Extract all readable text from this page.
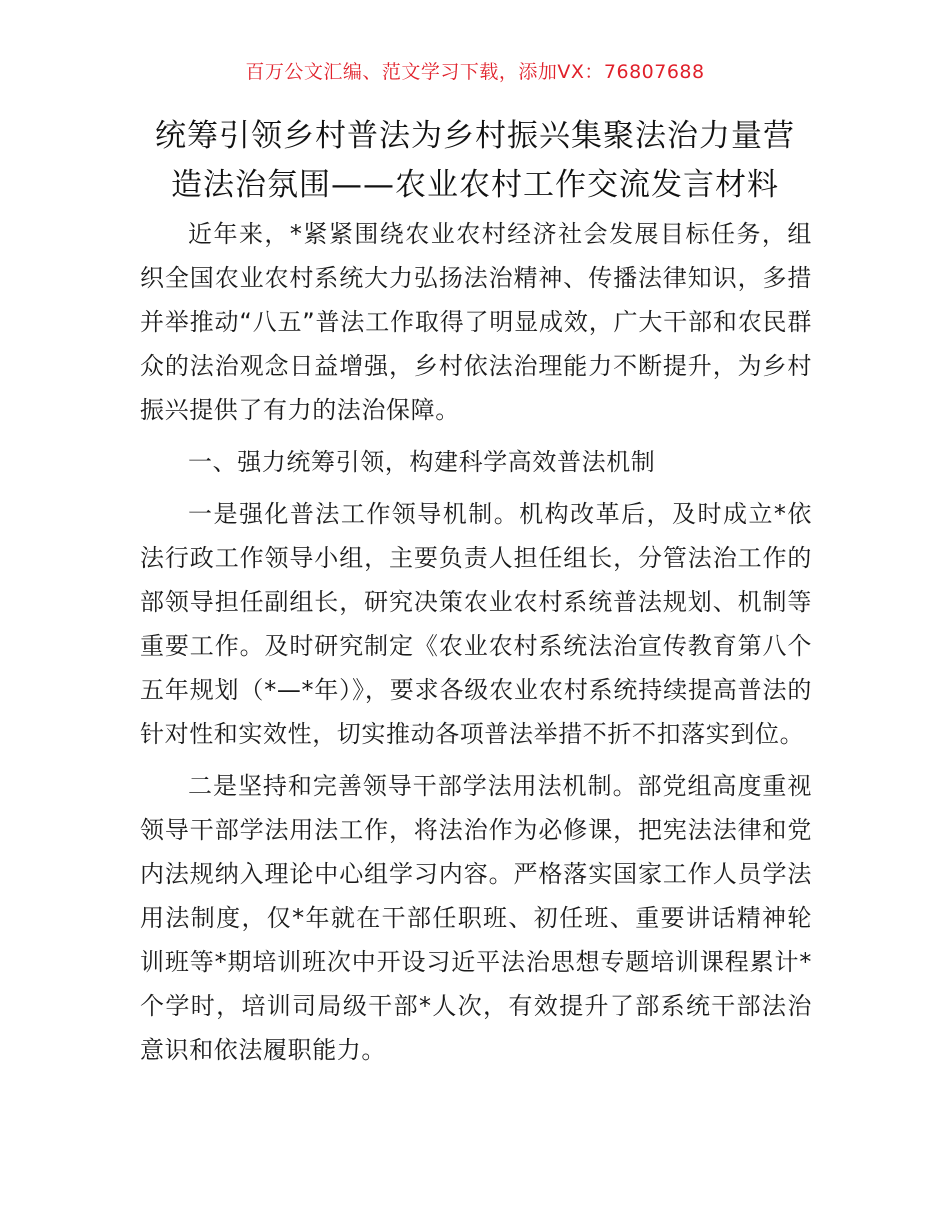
百万公文汇编、范文学习下载，添加VX：76807688
统筹引领乡村普法为乡村振兴集聚法治力量营造法治氛围——农业农村工作交流发言材料

近年来，*紧紧围绕农业农村经济社会发展目标任务，组织全国农业农村系统大力弘扬法治精神、传播法律知识，多措并举推动“八五”普法工作取得了明显成效，广大干部和农民群众的法治观念日益增强，乡村依法治理能力不断提升，为乡村振兴提供了有力的法治保障。

一、强力统筹引领，构建科学高效普法机制

一是强化普法工作领导机制。机构改革后，及时成立*依法行政工作领导小组，主要负责人担任组长，分管法治工作的部领导担任副组长，研究决策农业农村系统普法规划、机制等重要工作。及时研究制定《农业农村系统法治宣传教育第八个五年规划（*—*年）》，要求各级农业农村系统持续提高普法的针对性和实效性，切实推动各项普法举措不折不扣落实到位。

二是坚持和完善领导干部学法用法机制。部党组高度重视领导干部学法用法工作，将法治作为必修课，把宪法法律和党内法规纳入理论中心组学习内容。严格落实国家工作人员学法用法制度，仅*年就在干部任职班、初任班、重要讲话精神轮训班等*期培训班次中开设习近平法治思想专题培训课程累计*个学时，培训司局级干部*人次，有效提升了部系统干部法治意识和依法履职能力。
